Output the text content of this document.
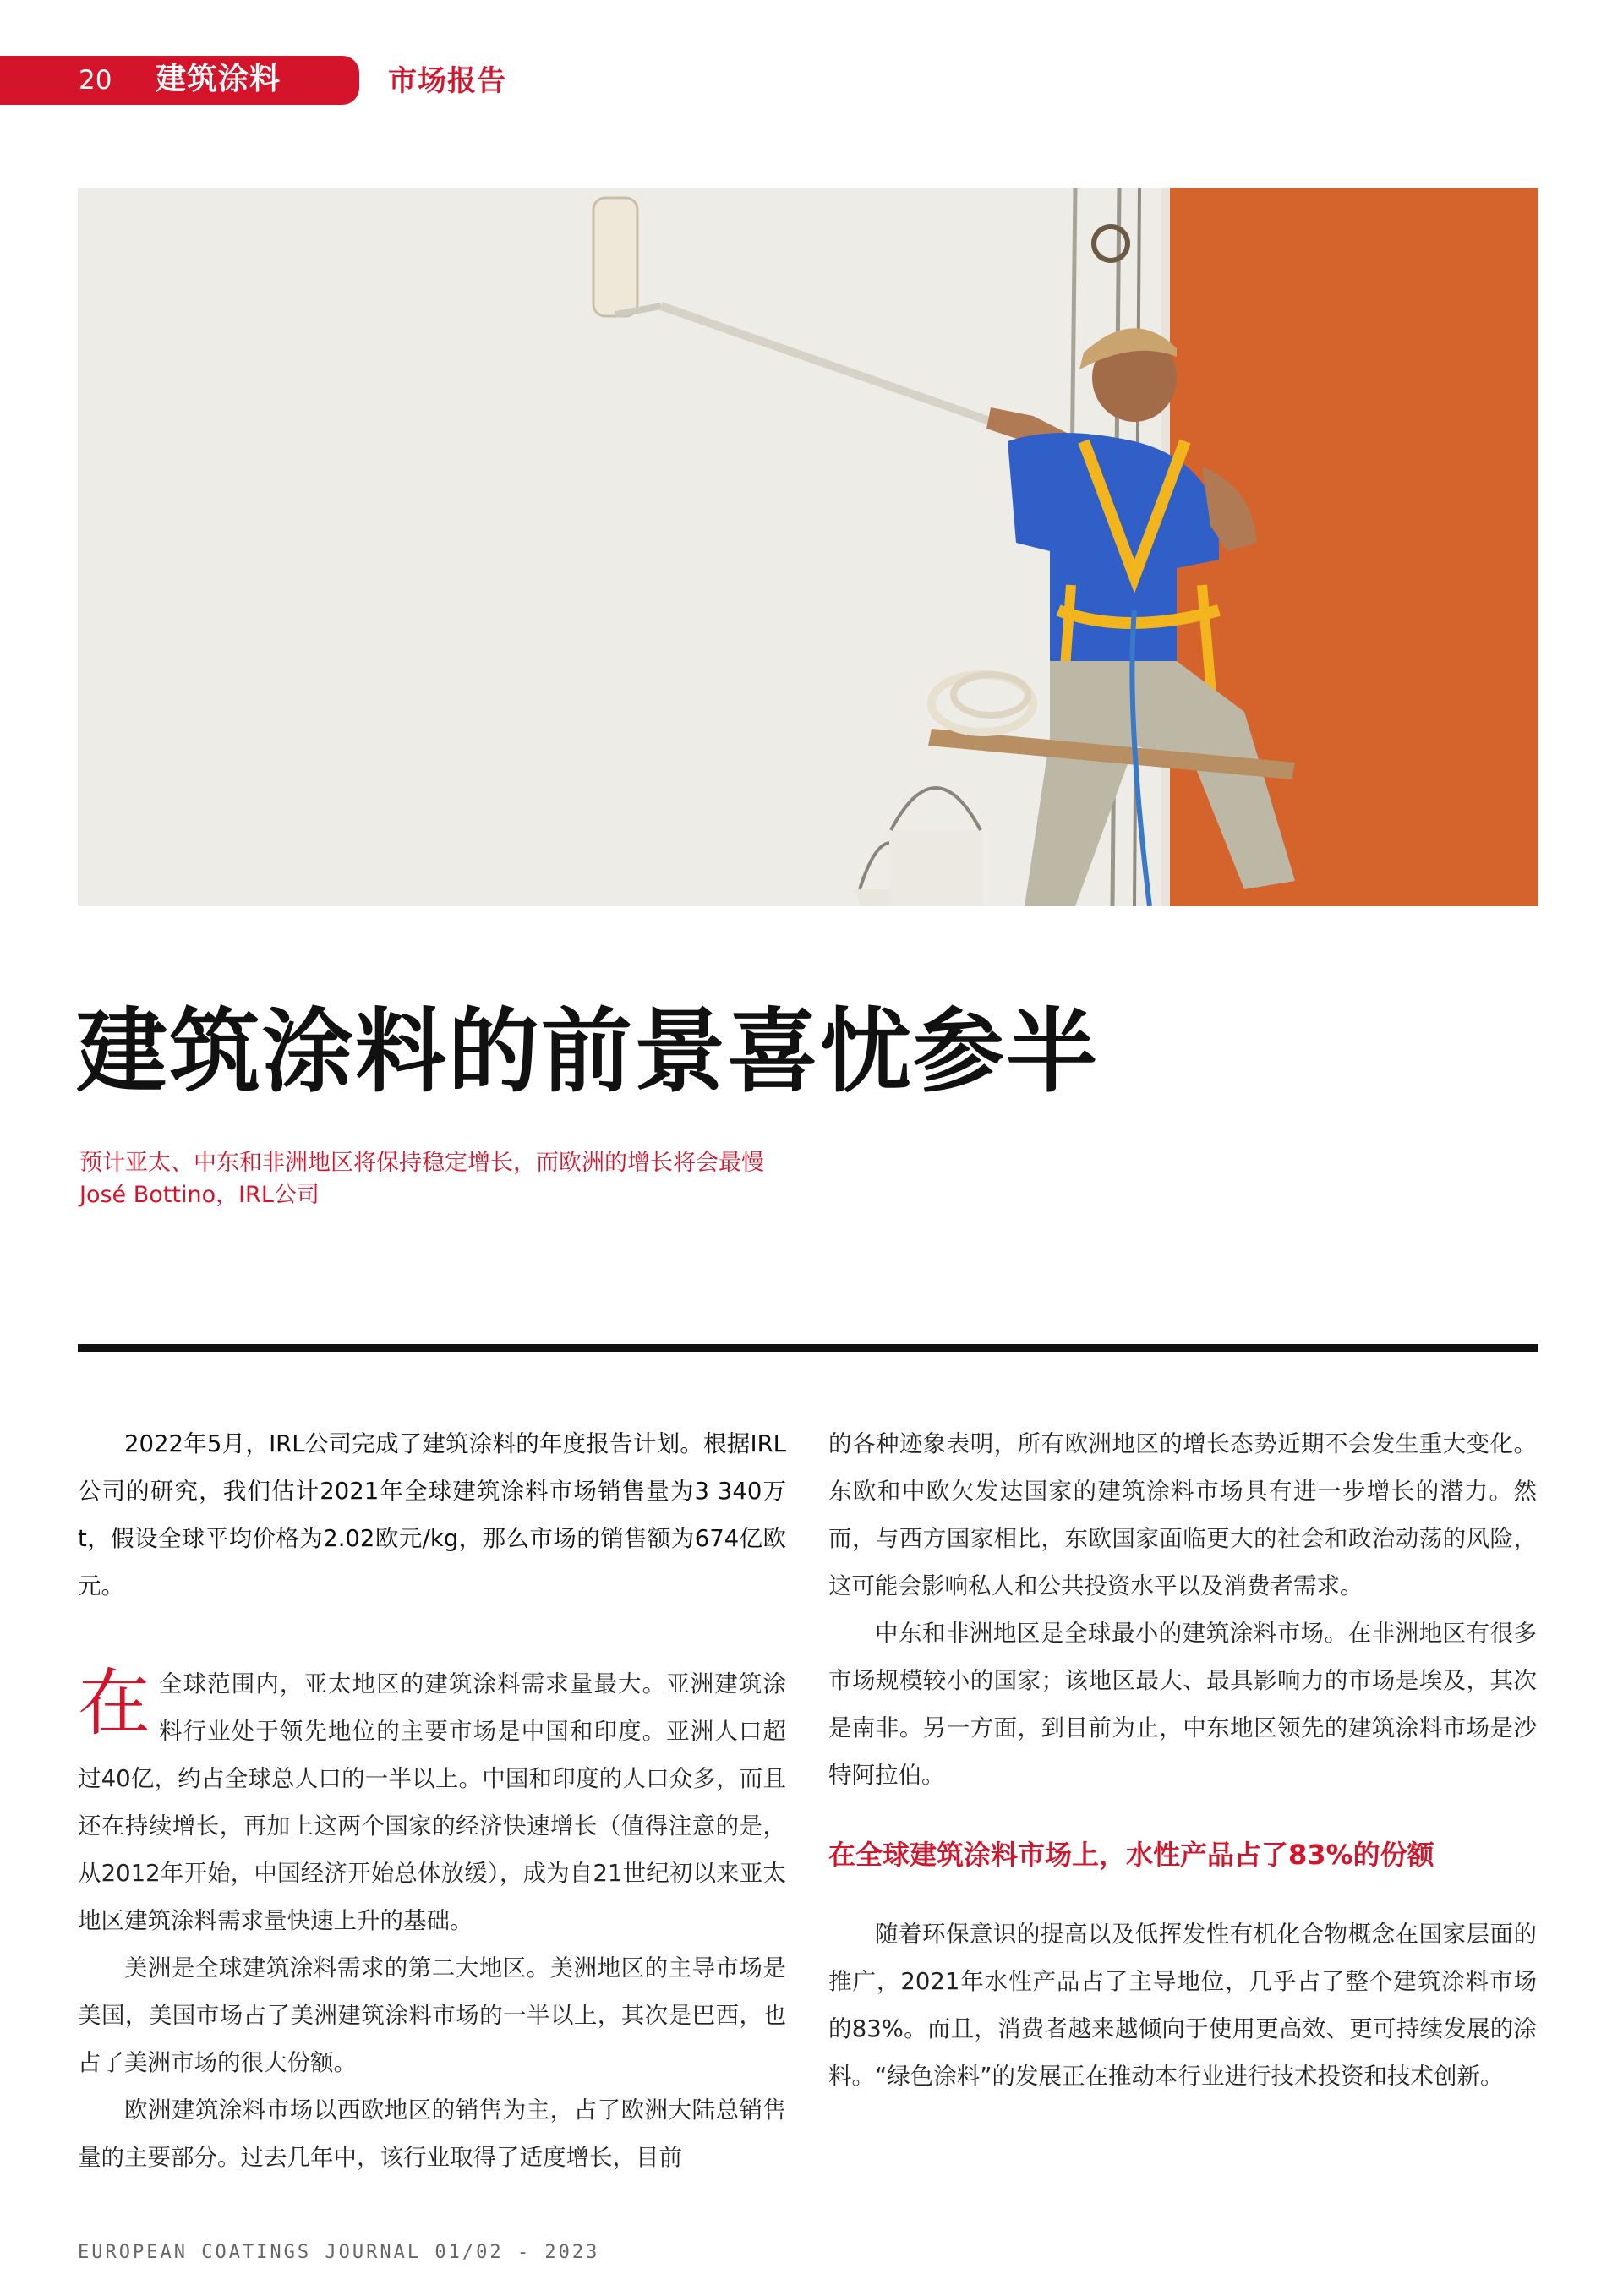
20 建筑涂料	市场报告
建筑涂料的前景喜忧参半
预计亚太、中东和非洲地区将保持稳定增长，而欧洲的增长将会最慢
José Bottino，IRL公司

2022年5月，IRL公司完成了建筑涂料的年度报告计划。根据IRL公司的研究，我们估计2021年全球建筑涂料市场销售量为3 340万t，假设全球平均价格为2.02欧元/kg，那么市场的销售额为674亿欧元。

在 全球范围内，亚太地区的建筑涂料需求量最大。亚洲建筑涂料行业处于领先地位的主要市场是中国和印度。亚洲人口超过40亿，约占全球总人口的一半以上。中国和印度的人口众多，而且还在持续增长，再加上这两个国家的经济快速增长（值得注意的是，从2012年开始，中国经济开始总体放缓），成为自21世纪初以来亚太地区建筑涂料需求量快速上升的基础。

美洲是全球建筑涂料需求的第二大地区。美洲地区的主导市场是美国，美国市场占了美洲建筑涂料市场的一半以上，其次是巴西，也占了美洲市场的很大份额。

欧洲建筑涂料市场以西欧地区的销售为主，占了欧洲大陆总销售量的主要部分。过去几年中，该行业取得了适度增长，目前

的各种迹象表明，所有欧洲地区的增长态势近期不会发生重大变化。东欧和中欧欠发达国家的建筑涂料市场具有进一步增长的潜力。然而，与西方国家相比，东欧国家面临更大的社会和政治动荡的风险，这可能会影响私人和公共投资水平以及消费者需求。

中东和非洲地区是全球最小的建筑涂料市场。在非洲地区有很多市场规模较小的国家；该地区最大、最具影响力的市场是埃及，其次是南非。另一方面，到目前为止，中东地区领先的建筑涂料市场是沙特阿拉伯。

在全球建筑涂料市场上，水性产品占了83%的份额

随着环保意识的提高以及低挥发性有机化合物概念在国家层面的推广，2021年水性产品占了主导地位，几乎占了整个建筑涂料市场的83%。而且，消费者越来越倾向于使用更高效、更可持续发展的涂料。“绿色涂料”的发展正在推动本行业进行技术投资和技术创新。

EUROPEAN COATINGS JOURNAL 01/02 - 2023
